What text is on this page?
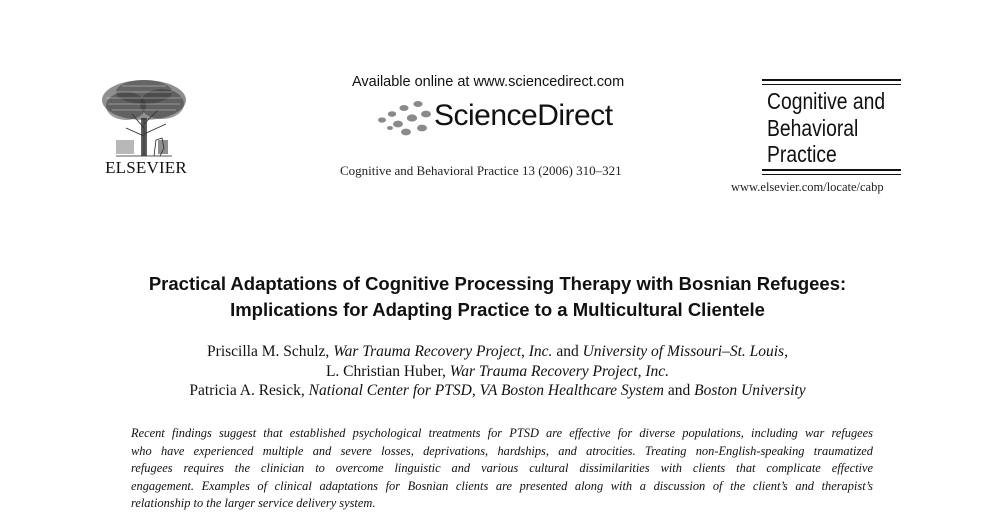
ELSEVIER
Available online at www.sciencedirect.com
ScienceDirect
Cognitive and Behavioral Practice 13 (2006) 310–321
Cognitive and
Behavioral
Practice
www.elsevier.com/locate/cabp
Practical Adaptations of Cognitive Processing Therapy with Bosnian Refugees:
Implications for Adapting Practice to a Multicultural Clientele
Priscilla M. Schulz, War Trauma Recovery Project, Inc. and University of Missouri–St. Louis,
L. Christian Huber, War Trauma Recovery Project, Inc.
Patricia A. Resick, National Center for PTSD, VA Boston Healthcare System and Boston University
Recent findings suggest that established psychological treatments for PTSD are effective for diverse populations, including war refugees
who have experienced multiple and severe losses, deprivations, hardships, and atrocities. Treating non-English-speaking traumatized
refugees requires the clinician to overcome linguistic and various cultural dissimilarities with clients that complicate effective
engagement. Examples of clinical adaptations for Bosnian clients are presented along with a discussion of the client’s and therapist’s
relationship to the larger service delivery system.
